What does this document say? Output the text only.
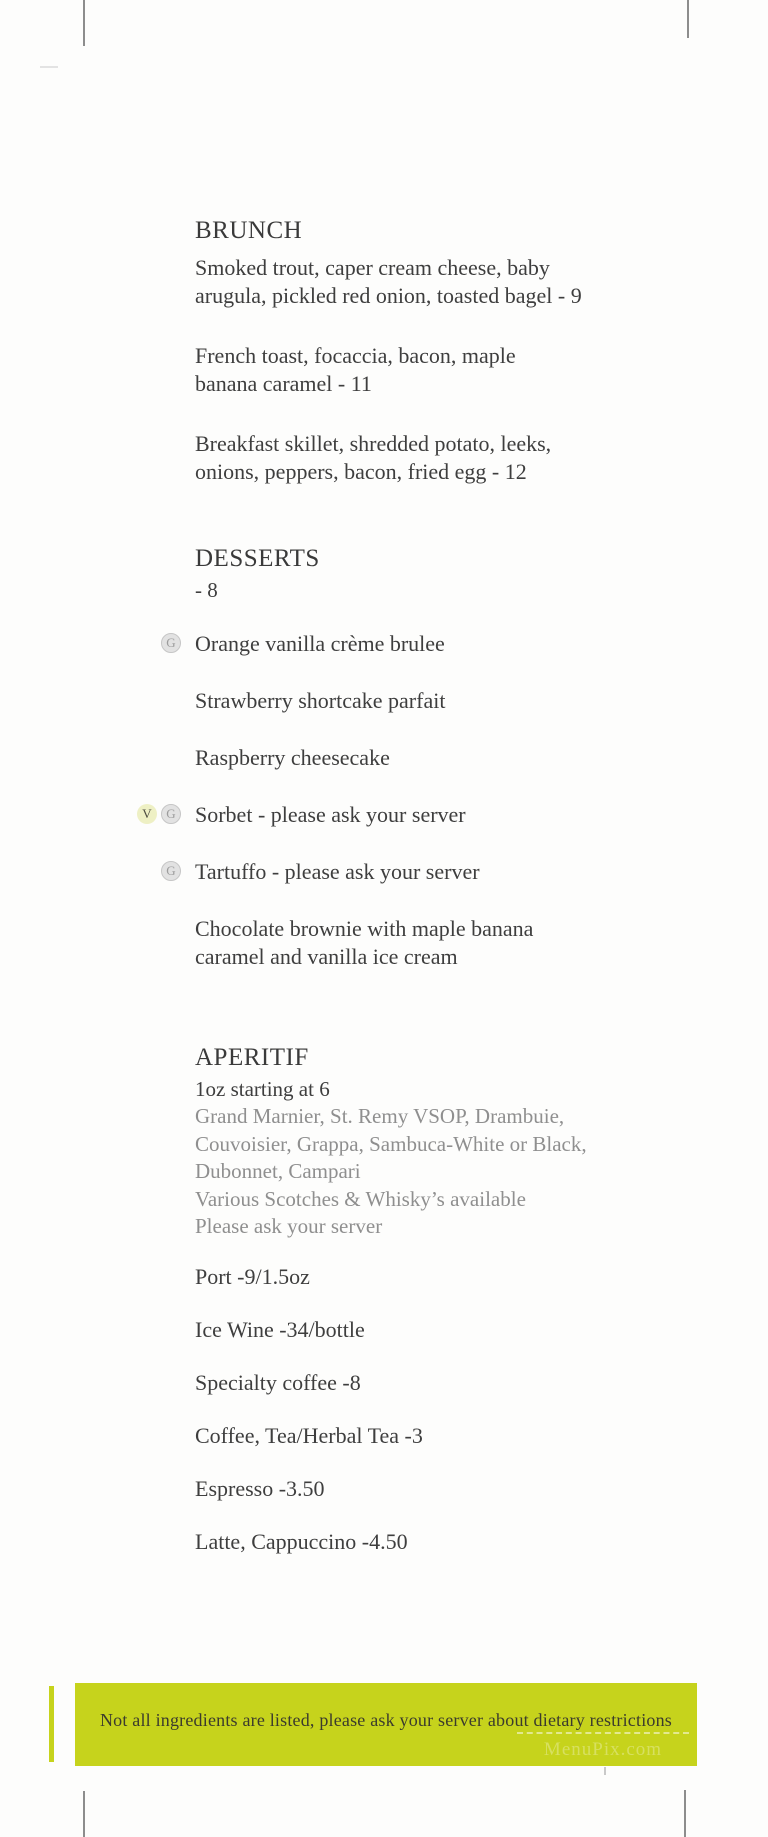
BRUNCH
Smoked trout, caper cream cheese, baby
arugula, pickled red onion, toasted bagel - 9
French toast, focaccia, bacon, maple
banana caramel - 11
Breakfast skillet, shredded potato, leeks,
onions, peppers, bacon, fried egg - 12
DESSERTS
- 8
G Orange vanilla crème brulee
Strawberry shortcake parfait
Raspberry cheesecake
V	G Sorbet - please ask your server
G Tartuffo - please ask your server
Chocolate brownie with maple banana
caramel and vanilla ice cream
APERITIF
1oz starting at 6
Grand Marnier, St. Remy VSOP, Drambuie,
Couvoisier, Grappa, Sambuca-White or Black,
Dubonnet, Campari
Various Scotches & Whisky’s available
Please ask your server
Port -9/1.5oz
Ice Wine -34/bottle
Specialty coffee -8
Coffee, Tea/Herbal Tea -3
Espresso -3.50
Latte, Cappuccino -4.50
Not all ingredients are listed, please ask your server about dietary restrictions
MenuPix.com
